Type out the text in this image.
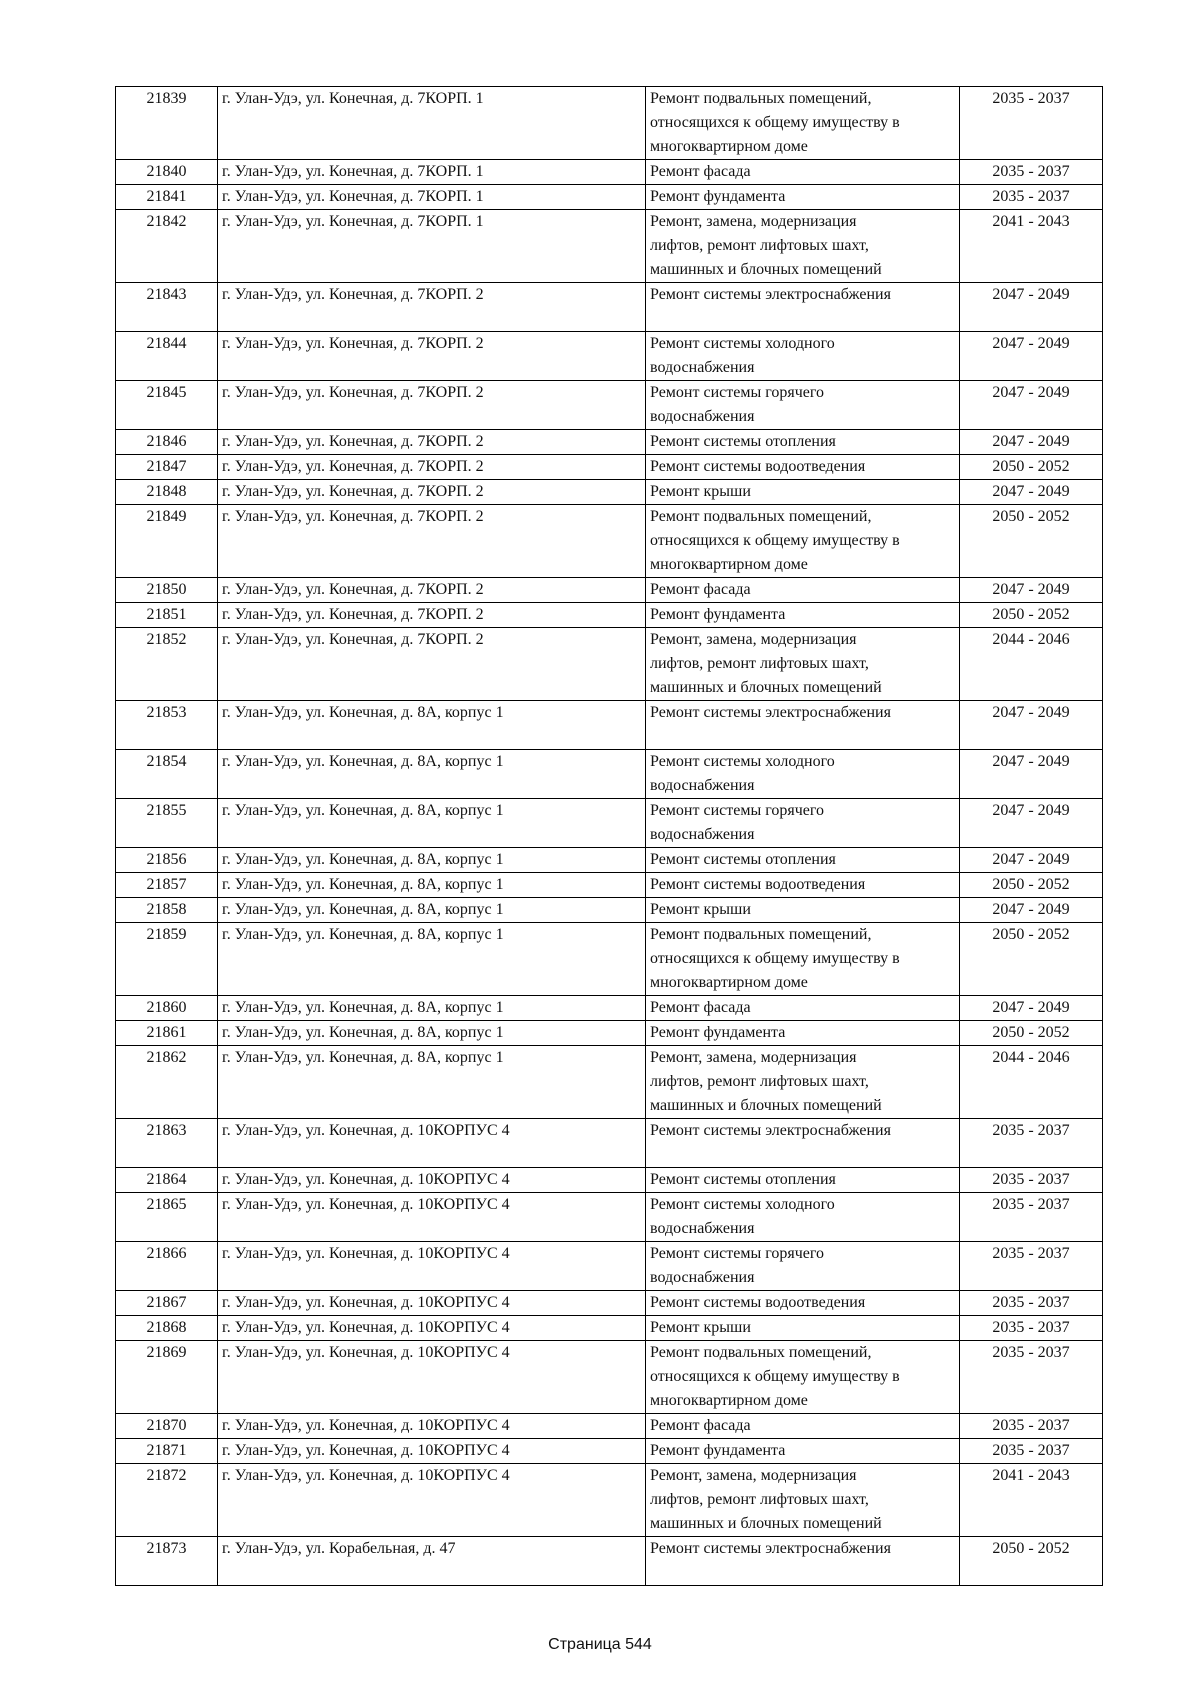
21839	г. Улан-Удэ, ул. Конечная, д. 7КОРП. 1	Ремонт подвальных помещений,
относящихся к общему имуществу в
многоквартирном доме	2035 - 2037
21840	г. Улан-Удэ, ул. Конечная, д. 7КОРП. 1	Ремонт фасада	2035 - 2037
21841	г. Улан-Удэ, ул. Конечная, д. 7КОРП. 1	Ремонт фундамента	2035 - 2037
21842	г. Улан-Удэ, ул. Конечная, д. 7КОРП. 1	Ремонт, замена, модернизация
лифтов, ремонт лифтовых шахт,
машинных и блочных помещений	2041 - 2043
21843	г. Улан-Удэ, ул. Конечная, д. 7КОРП. 2	Ремонт системы электроснабжения	2047 - 2049
21844	г. Улан-Удэ, ул. Конечная, д. 7КОРП. 2	Ремонт системы холодного
водоснабжения	2047 - 2049
21845	г. Улан-Удэ, ул. Конечная, д. 7КОРП. 2	Ремонт системы горячего
водоснабжения	2047 - 2049
21846	г. Улан-Удэ, ул. Конечная, д. 7КОРП. 2	Ремонт системы отопления	2047 - 2049
21847	г. Улан-Удэ, ул. Конечная, д. 7КОРП. 2	Ремонт системы водоотведения	2050 - 2052
21848	г. Улан-Удэ, ул. Конечная, д. 7КОРП. 2	Ремонт крыши	2047 - 2049
21849	г. Улан-Удэ, ул. Конечная, д. 7КОРП. 2	Ремонт подвальных помещений,
относящихся к общему имуществу в
многоквартирном доме	2050 - 2052
21850	г. Улан-Удэ, ул. Конечная, д. 7КОРП. 2	Ремонт фасада	2047 - 2049
21851	г. Улан-Удэ, ул. Конечная, д. 7КОРП. 2	Ремонт фундамента	2050 - 2052
21852	г. Улан-Удэ, ул. Конечная, д. 7КОРП. 2	Ремонт, замена, модернизация
лифтов, ремонт лифтовых шахт,
машинных и блочных помещений	2044 - 2046
21853	г. Улан-Удэ, ул. Конечная, д. 8А, корпус 1	Ремонт системы электроснабжения	2047 - 2049
21854	г. Улан-Удэ, ул. Конечная, д. 8А, корпус 1	Ремонт системы холодного
водоснабжения	2047 - 2049
21855	г. Улан-Удэ, ул. Конечная, д. 8А, корпус 1	Ремонт системы горячего
водоснабжения	2047 - 2049
21856	г. Улан-Удэ, ул. Конечная, д. 8А, корпус 1	Ремонт системы отопления	2047 - 2049
21857	г. Улан-Удэ, ул. Конечная, д. 8А, корпус 1	Ремонт системы водоотведения	2050 - 2052
21858	г. Улан-Удэ, ул. Конечная, д. 8А, корпус 1	Ремонт крыши	2047 - 2049
21859	г. Улан-Удэ, ул. Конечная, д. 8А, корпус 1	Ремонт подвальных помещений,
относящихся к общему имуществу в
многоквартирном доме	2050 - 2052
21860	г. Улан-Удэ, ул. Конечная, д. 8А, корпус 1	Ремонт фасада	2047 - 2049
21861	г. Улан-Удэ, ул. Конечная, д. 8А, корпус 1	Ремонт фундамента	2050 - 2052
21862	г. Улан-Удэ, ул. Конечная, д. 8А, корпус 1	Ремонт, замена, модернизация
лифтов, ремонт лифтовых шахт,
машинных и блочных помещений	2044 - 2046
21863	г. Улан-Удэ, ул. Конечная, д. 10КОРПУС 4	Ремонт системы электроснабжения	2035 - 2037
21864	г. Улан-Удэ, ул. Конечная, д. 10КОРПУС 4	Ремонт системы отопления	2035 - 2037
21865	г. Улан-Удэ, ул. Конечная, д. 10КОРПУС 4	Ремонт системы холодного
водоснабжения	2035 - 2037
21866	г. Улан-Удэ, ул. Конечная, д. 10КОРПУС 4	Ремонт системы горячего
водоснабжения	2035 - 2037
21867	г. Улан-Удэ, ул. Конечная, д. 10КОРПУС 4	Ремонт системы водоотведения	2035 - 2037
21868	г. Улан-Удэ, ул. Конечная, д. 10КОРПУС 4	Ремонт крыши	2035 - 2037
21869	г. Улан-Удэ, ул. Конечная, д. 10КОРПУС 4	Ремонт подвальных помещений,
относящихся к общему имуществу в
многоквартирном доме	2035 - 2037
21870	г. Улан-Удэ, ул. Конечная, д. 10КОРПУС 4	Ремонт фасада	2035 - 2037
21871	г. Улан-Удэ, ул. Конечная, д. 10КОРПУС 4	Ремонт фундамента	2035 - 2037
21872	г. Улан-Удэ, ул. Конечная, д. 10КОРПУС 4	Ремонт, замена, модернизация
лифтов, ремонт лифтовых шахт,
машинных и блочных помещений	2041 - 2043
21873	г. Улан-Удэ, ул. Корабельная, д. 47	Ремонт системы электроснабжения	2050 - 2052
Страница 544
